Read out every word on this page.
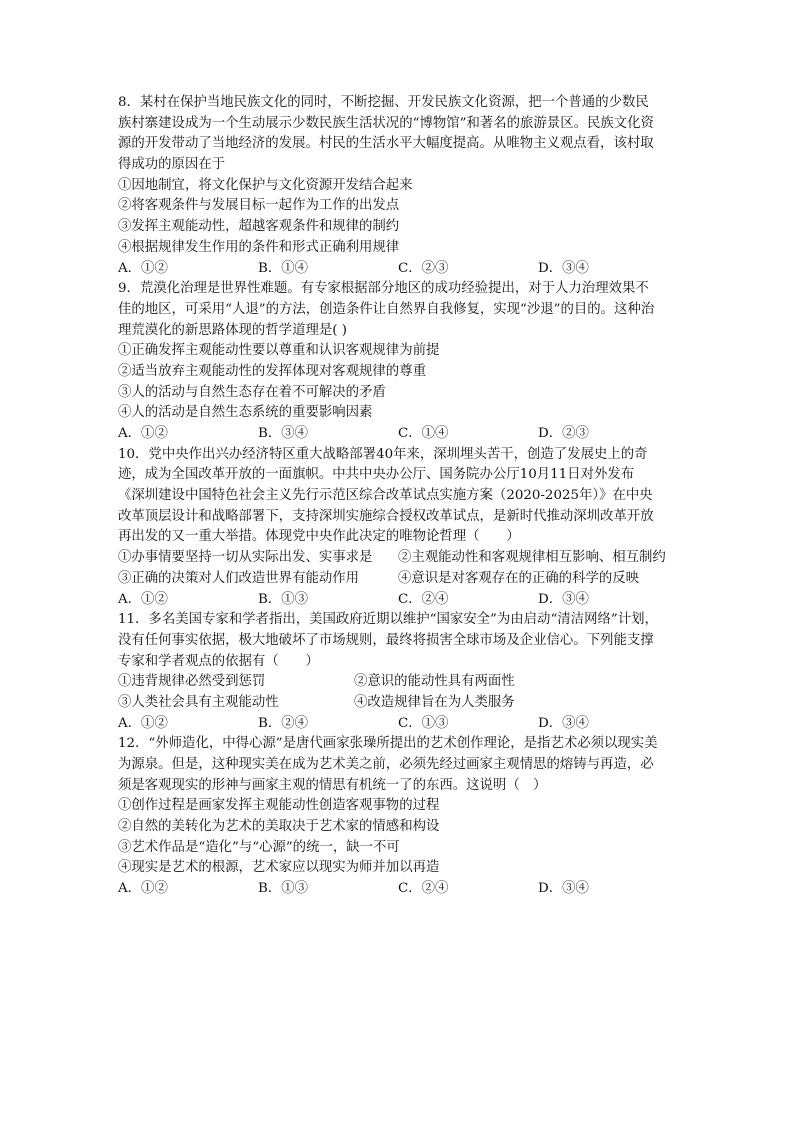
8．某村在保护当地民族文化的同时，不断挖掘、开发民族文化资源，把一个普通的少数民
族村寨建设成为一个生动展示少数民族生活状况的“博物馆”和著名的旅游景区。民族文化资
源的开发带动了当地经济的发展。村民的生活水平大幅度提高。从唯物主义观点看，该村取
得成功的原因在于
①因地制宜，将文化保护与文化资源开发结合起来
②将客观条件与发展目标一起作为工作的出发点
③发挥主观能动性，超越客观条件和规律的制约
④根据规律发生作用的条件和形式正确利用规律
A．①②	B．①④	C．②③	D．③④
9．荒漠化治理是世界性难题。有专家根据部分地区的成功经验提出，对于人力治理效果不
佳的地区，可采用“人退”的方法，创造条件让自然界自我修复，实现“沙退”的目的。这种治
理荒漠化的新思路体现的哲学道理是( )
①正确发挥主观能动性要以尊重和认识客观规律为前提
②适当放弃主观能动性的发挥体现对客观规律的尊重
③人的活动与自然生态存在着不可解决的矛盾
④人的活动是自然生态系统的重要影响因素
A．①②	B．③④	C．①④	D．②③
10．党中央作出兴办经济特区重大战略部署40年来，深圳埋头苦干，创造了发展史上的奇
迹，成为全国改革开放的一面旗帜。中共中央办公厅、国务院办公厅10月11日对外发布
《深圳建设中国特色社会主义先行示范区综合改革试点实施方案（2020-2025年）》在中央
改革顶层设计和战略部署下，支持深圳实施综合授权改革试点，是新时代推动深圳改革开放
再出发的又一重大举措。体现党中央作此决定的唯物论哲理（　　）
①办事情要坚持一切从实际出发、实事求是	②主观能动性和客观规律相互影响、相互制约
③正确的决策对人们改造世界有能动作用	④意识是对客观存在的正确的科学的反映
A．①②	B．①③	C．②④	D．③④
11．多名美国专家和学者指出，美国政府近期以维护“国家安全”为由启动“清洁网络”计划，
没有任何事实依据，极大地破坏了市场规则，最终将损害全球市场及企业信心。下列能支撑
专家和学者观点的依据有（　　）
①违背规律必然受到惩罚	②意识的能动性具有两面性
③人类社会具有主观能动性	④改造规律旨在为人类服务
A．①②	B．②④	C．①③	D．③④
12．“外师造化，中得心源”是唐代画家张璪所提出的艺术创作理论，是指艺术必须以现实美
为源泉。但是，这种现实美在成为艺术美之前，必须先经过画家主观情思的熔铸与再造，必
须是客观现实的形神与画家主观的情思有机统一了的东西。这说明（　）
①创作过程是画家发挥主观能动性创造客观事物的过程
②自然的美转化为艺术的美取决于艺术家的情感和构设
③艺术作品是“造化”与“心源”的统一，缺一不可
④现实是艺术的根源，艺术家应以现实为师并加以再造
A．①②	B．①③	C．②④	D．③④
